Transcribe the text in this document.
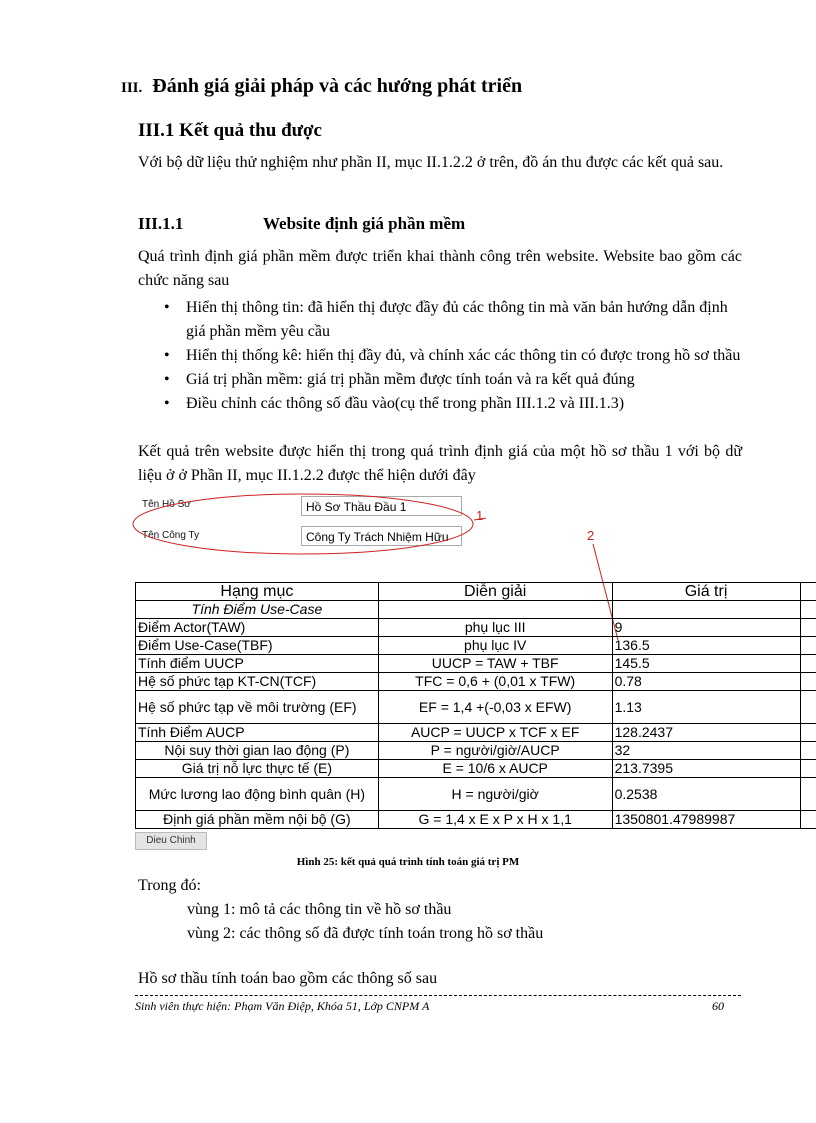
III. Đánh giá giải pháp và các hướng phát triển
III.1 Kết quả thu được

Với bộ dữ liệu thử nghiệm như phần II, mục II.1.2.2 ở trên, đồ án thu được các kết quả sau.

III.1.1	Website định giá phần mềm

Quá trình định giá phần mềm được triển khai thành công trên website. Website bao gồm các chức năng sau

• Hiển thị thông tin: đã hiển thị được đầy đủ các thông tin mà văn bản hướng dẫn định giá phần mềm yêu cầu
• Hiển thị thống kê: hiển thị đầy đủ, và chính xác các thông tin có được trong hồ sơ thầu
• Giá trị phần mềm: giá trị phần mềm được tính toán và ra kết quả đúng
• Điều chỉnh các thông số đầu vào(cụ thể trong phần III.1.2 và III.1.3)

Kết quả trên website được hiển thị trong quá trình định giá của một hồ sơ thầu 1 với bộ dữ liệu ở ở Phần II, mục II.1.2.2 được thể hiện dưới đây

Tên Hồ Sơ	Hồ Sơ Thầu Đầu 1
Tên Công Ty	Công Ty Trách Nhiệm Hữu
1
2
Hạng mục	Diễn giải	Giá trị	
Tính Điểm Use-Case			
Điểm Actor(TAW)	phụ lục III	9	
Điểm Use-Case(TBF)	phụ lục IV	136.5	
Tính điểm UUCP	UUCP = TAW + TBF	145.5	
Hệ số phức tạp KT-CN(TCF)	TFC = 0,6 + (0,01 x TFW)	0.78	
Hệ số phức tạp về môi trường (EF)	EF = 1,4 +(-0,03 x EFW)	1.13	
Tính Điểm AUCP	AUCP = UUCP x TCF x EF	128.2437	
Nội suy thời gian lao động (P)	P = người/giờ/AUCP	32	
Giá trị nỗ lực thực tế (E)	E = 10/6 x AUCP	213.7395	
Mức lương lao động bình quân (H)	H = người/giờ	0.2538	
Định giá phần mềm nội bộ (G)	G = 1,4 x E x P x H x 1,1	1350801.47989987	
Dieu Chinh
Hình 25: kết quả quá trình tính toán giá trị PM

Trong đó:

vùng 1: mô tả các thông tin về hồ sơ thầu

vùng 2: các thông số đã được tính toán trong hồ sơ thầu

Hồ sơ thầu tính toán bao gồm các thông số sau

Sinh viên thực hiện: Phạm Văn Điệp, Khóa 51, Lớp CNPM A	60
